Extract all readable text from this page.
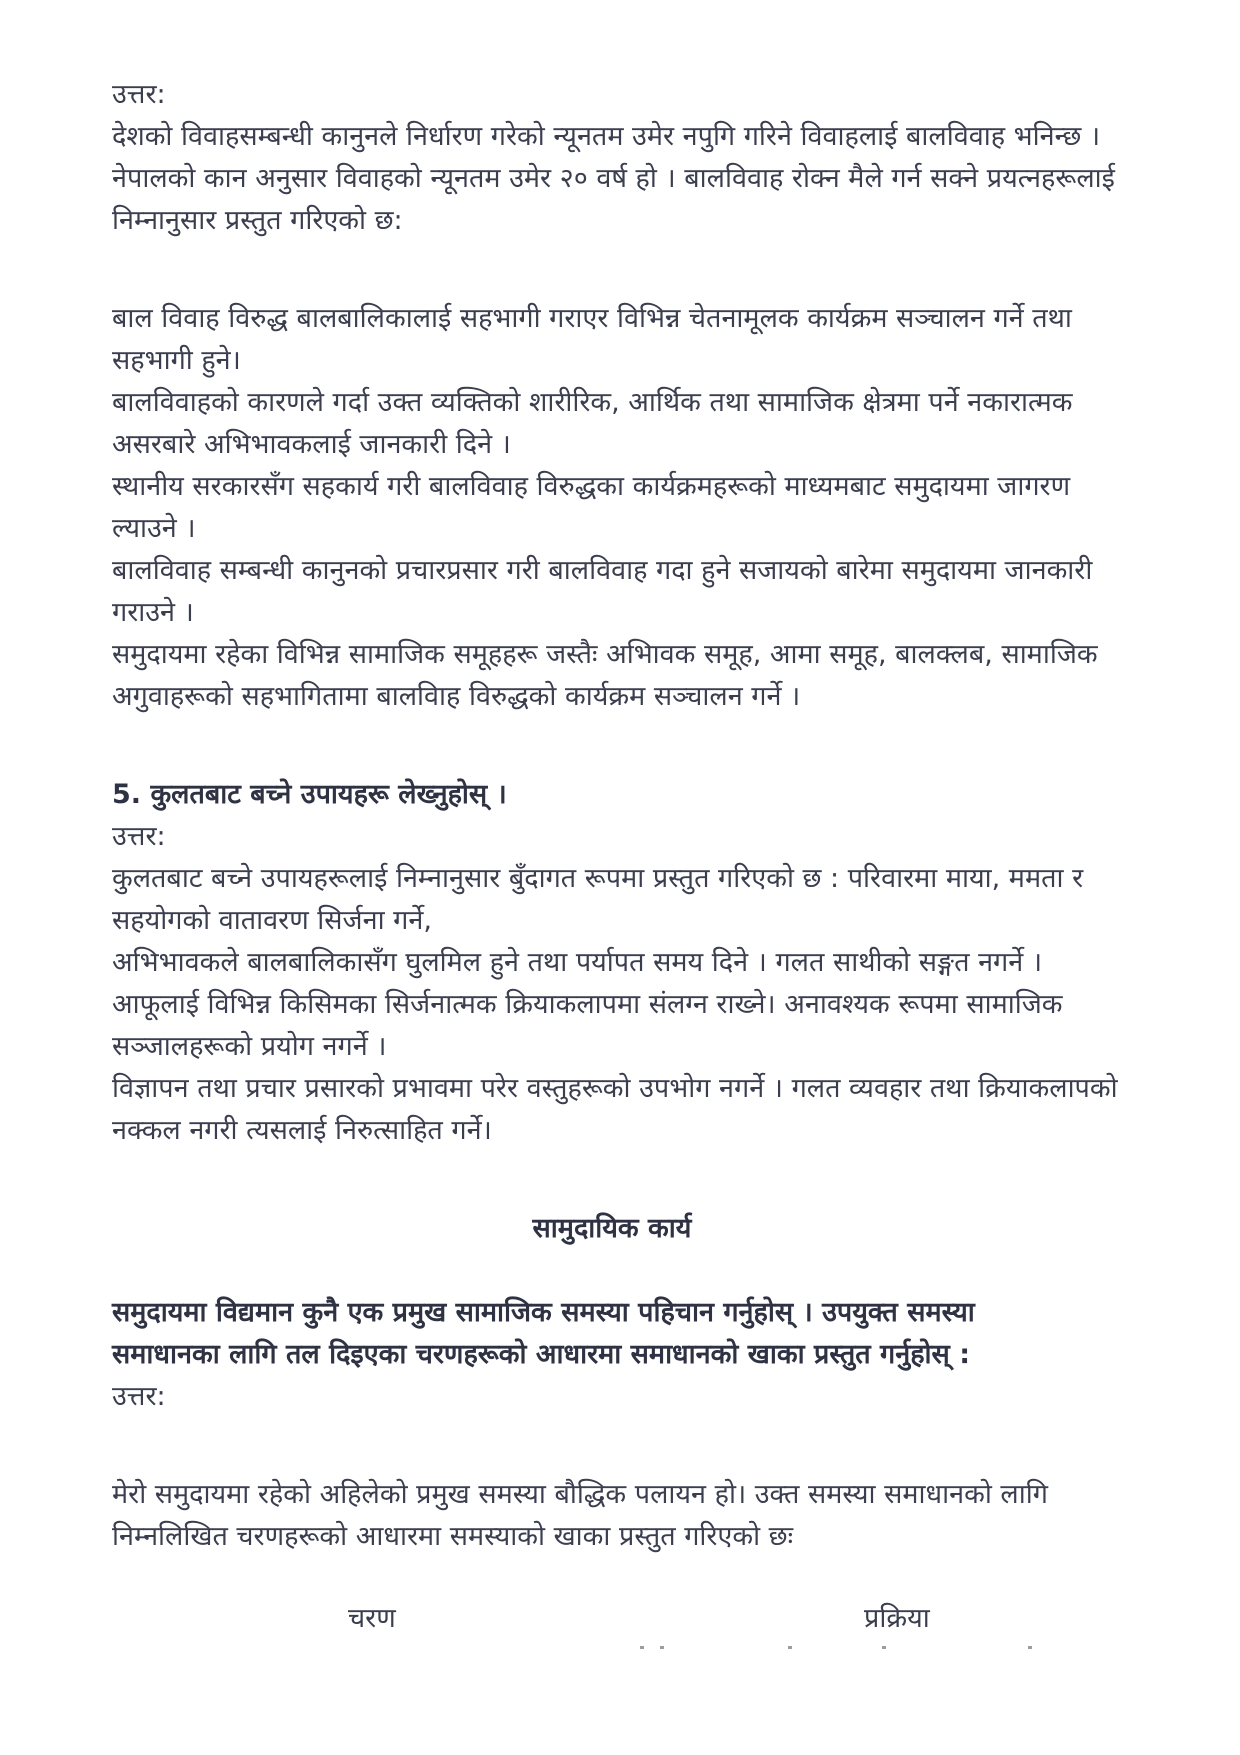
उत्तर:
देशको विवाहसम्बन्धी कानुनले निर्धारण गरेको न्यूनतम उमेर नपुगि गरिने विवाहलाई बालविवाह भनिन्छ ।
नेपालको कान अनुसार विवाहको न्यूनतम उमेर २० वर्ष हो । बालविवाह रोक्न मैले गर्न सक्ने प्रयत्नहरूलाई
निम्नानुसार प्रस्तुत गरिएको छ:
बाल विवाह विरुद्ध बालबालिकालाई सहभागी गराएर विभिन्न चेतनामूलक कार्यक्रम सञ्चालन गर्ने तथा
सहभागी हुने।
बालविवाहको कारणले गर्दा उक्त व्यक्तिको शारीरिक, आर्थिक तथा सामाजिक क्षेत्रमा पर्ने नकारात्मक
असरबारे अभिभावकलाई जानकारी दिने ।
स्थानीय सरकारसँग सहकार्य गरी बालविवाह विरुद्धका कार्यक्रमहरूको माध्यमबाट समुदायमा जागरण
ल्याउने ।
बालविवाह सम्बन्धी कानुनको प्रचारप्रसार गरी बालविवाह गदा हुने सजायको बारेमा समुदायमा जानकारी
गराउने ।
समुदायमा रहेका विभिन्न सामाजिक समूहहरू जस्तैः अभिावक समूह, आमा समूह, बालक्लब, सामाजिक
अगुवाहरूको सहभागितामा बालविाह विरुद्धको कार्यक्रम सञ्चालन गर्ने ।
5. कुलतबाट बच्ने उपायहरू लेख्नुहोस् ।
उत्तर:
कुलतबाट बच्ने उपायहरूलाई निम्नानुसार बुँदागत रूपमा प्रस्तुत गरिएको छ : परिवारमा माया, ममता र
सहयोगको वातावरण सिर्जना गर्ने,
अभिभावकले बालबालिकासँग घुलमिल हुने तथा पर्यापत समय दिने । गलत साथीको सङ्गत नगर्ने ।
आफूलाई विभिन्न किसिमका सिर्जनात्मक क्रियाकलापमा संलग्न राख्ने। अनावश्यक रूपमा सामाजिक
सञ्जालहरूको प्रयोग नगर्ने ।
विज्ञापन तथा प्रचार प्रसारको प्रभावमा परेर वस्तुहरूको उपभोग नगर्ने । गलत व्यवहार तथा क्रियाकलापको
नक्कल नगरी त्यसलाई निरुत्साहित गर्ने।
सामुदायिक कार्य
समुदायमा विद्यमान कुनै एक प्रमुख सामाजिक समस्या पहिचान गर्नुहोस् । उपयुक्त समस्या
समाधानका लागि तल दिइएका चरणहरूको आधारमा समाधानको खाका प्रस्तुत गर्नुहोस् :
उत्तर:
मेरो समुदायमा रहेको अहिलेको प्रमुख समस्या बौद्धिक पलायन हो। उक्त समस्या समाधानको लागि
निम्नलिखित चरणहरूको आधारमा समस्याको खाका प्रस्तुत गरिएको छः
चरण	प्रक्रिया
